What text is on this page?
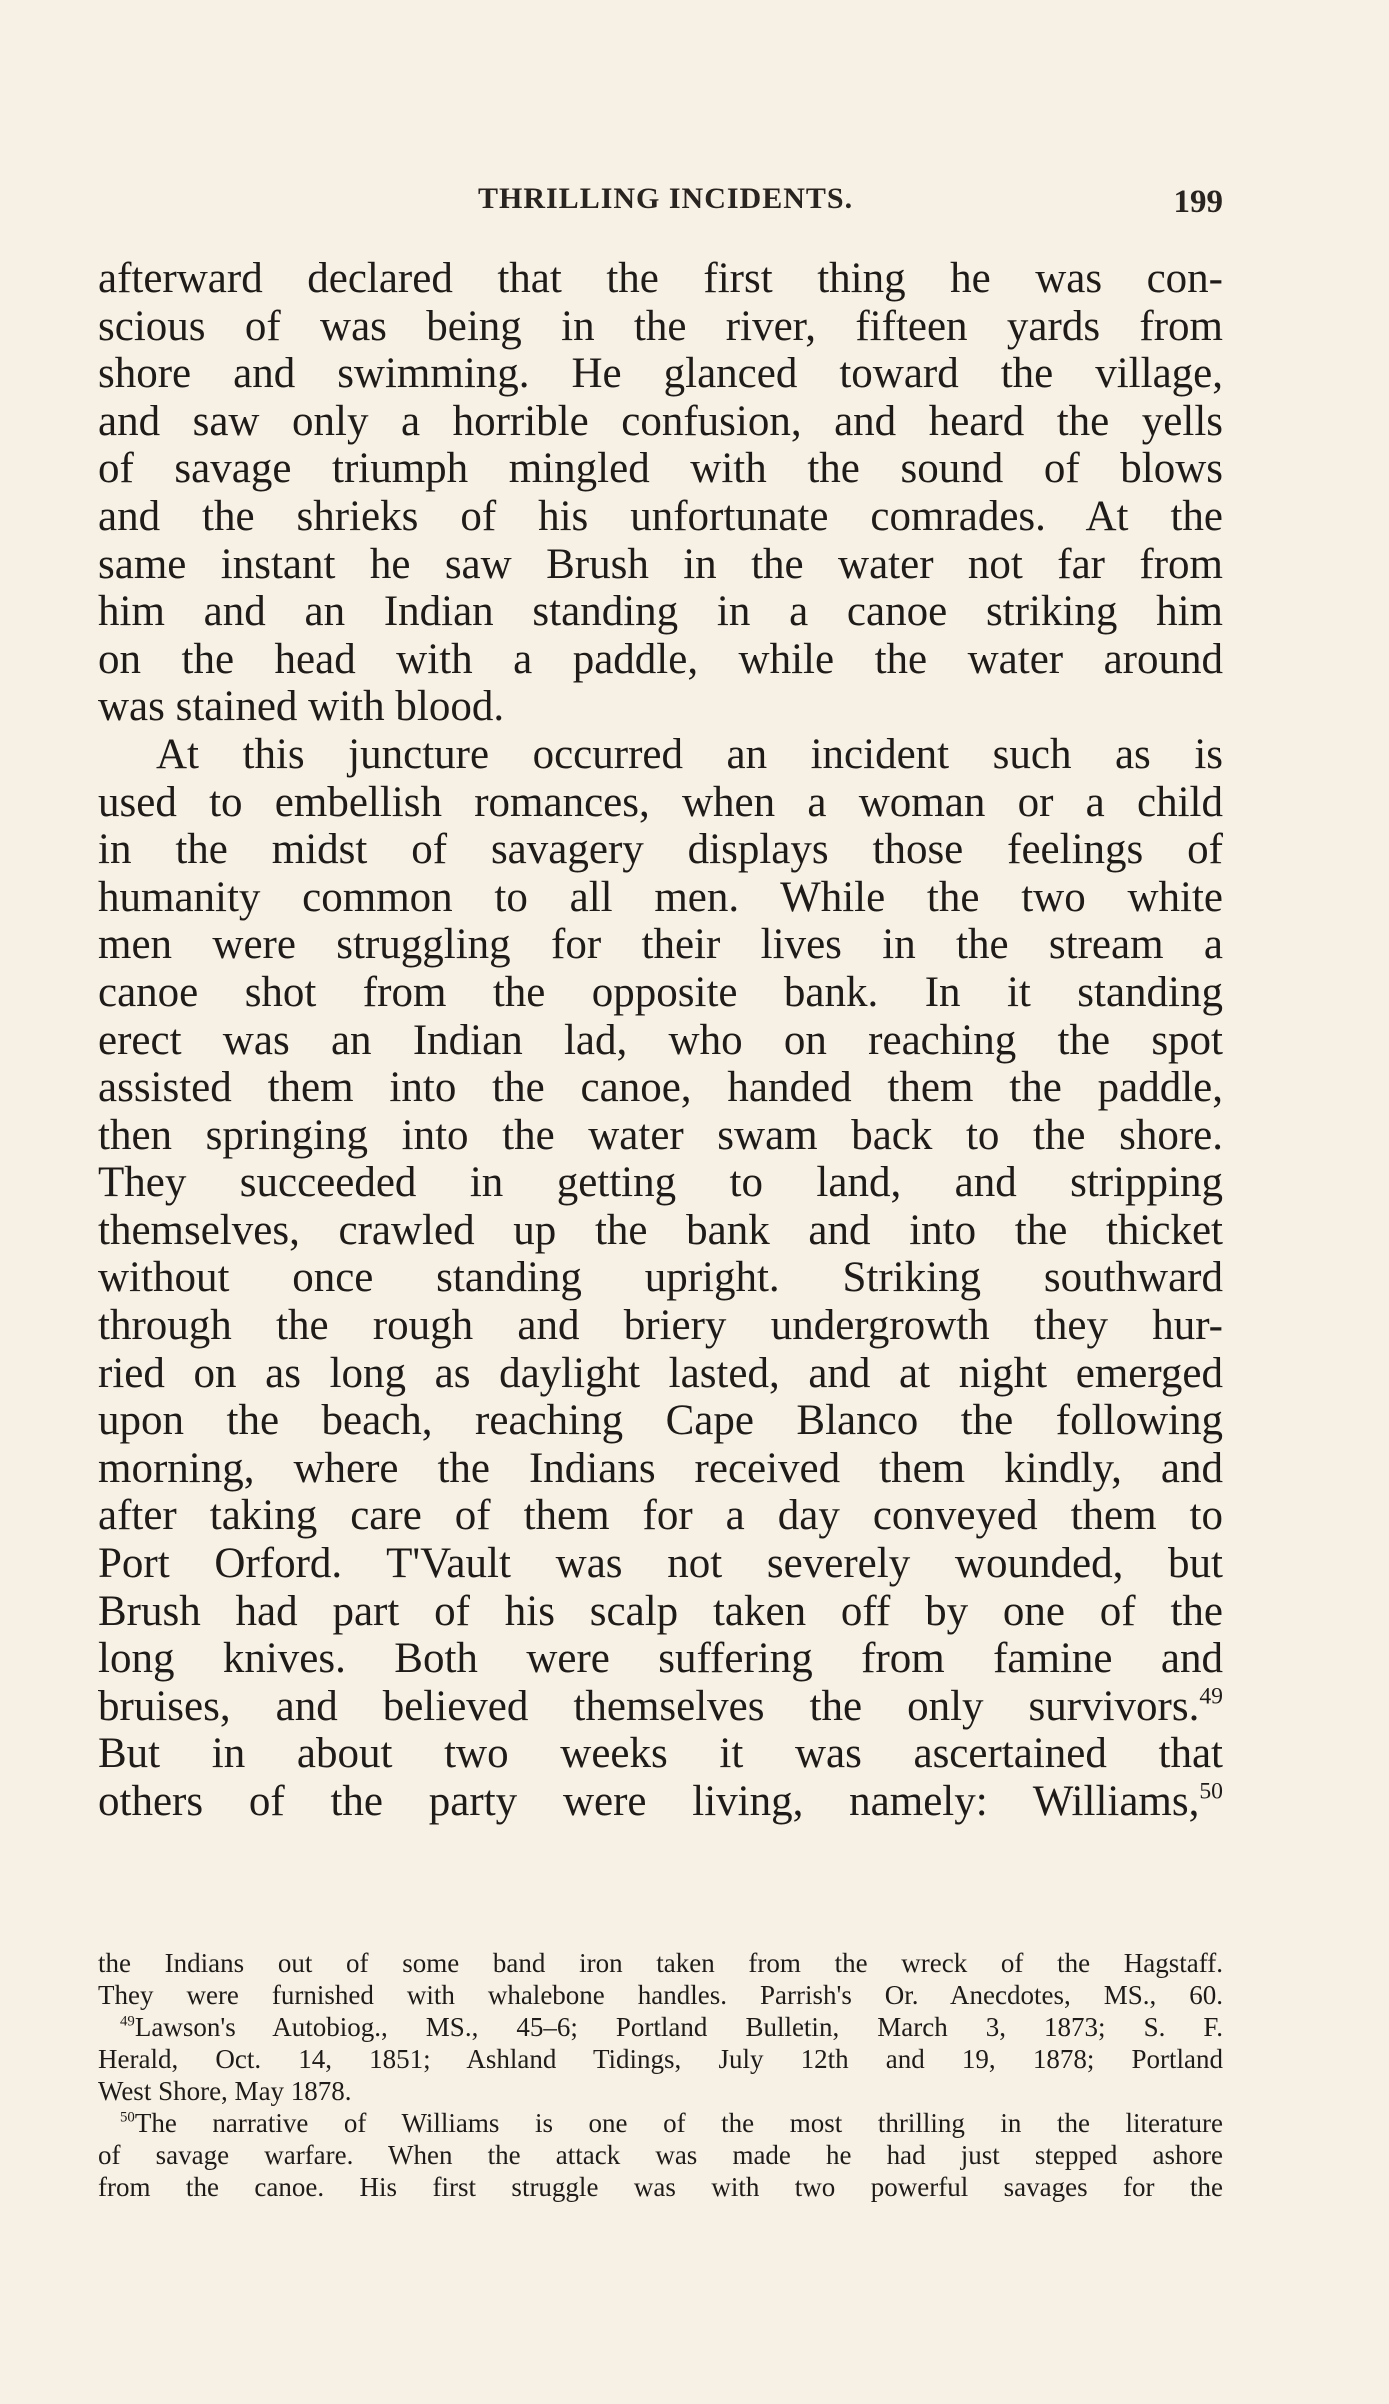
THRILLING INCIDENTS.	199
afterward declared that the first thing he was con-
scious of was being in the river, fifteen yards from
shore and swimming. He glanced toward the village,
and saw only a horrible confusion, and heard the yells
of savage triumph mingled with the sound of blows
and the shrieks of his unfortunate comrades. At the
same instant he saw Brush in the water not far from
him and an Indian standing in a canoe striking him
on the head with a paddle, while the water around
was stained with blood.
At this juncture occurred an incident such as is
used to embellish romances, when a woman or a child
in the midst of savagery displays those feelings of
humanity common to all men. While the two white
men were struggling for their lives in the stream a
canoe shot from the opposite bank. In it standing
erect was an Indian lad, who on reaching the spot
assisted them into the canoe, handed them the paddle,
then springing into the water swam back to the shore.
They succeeded in getting to land, and stripping
themselves, crawled up the bank and into the thicket
without once standing upright. Striking southward
through the rough and briery undergrowth they hur-
ried on as long as daylight lasted, and at night emerged
upon the beach, reaching Cape Blanco the following
morning, where the Indians received them kindly, and
after taking care of them for a day conveyed them to
Port Orford. T'Vault was not severely wounded, but
Brush had part of his scalp taken off by one of the
long knives. Both were suffering from famine and
bruises, and believed themselves the only survivors.$^{49}$
But in about two weeks it was ascertained that
others of the party were living, namely: Williams,$^{50}$
the Indians out of some band iron taken from the wreck of the Hagstaff.
They were furnished with whalebone handles. Parrish's Or. Anecdotes, MS., 60.
$^{49}$Lawson's Autobiog., MS., 45–6; Portland Bulletin, March 3, 1873; S. F.
Herald, Oct. 14, 1851; Ashland Tidings, July 12th and 19, 1878; Portland
West Shore, May 1878.
$^{50}$The narrative of Williams is one of the most thrilling in the literature
of savage warfare. When the attack was made he had just stepped ashore
from the canoe. His first struggle was with two powerful savages for the
